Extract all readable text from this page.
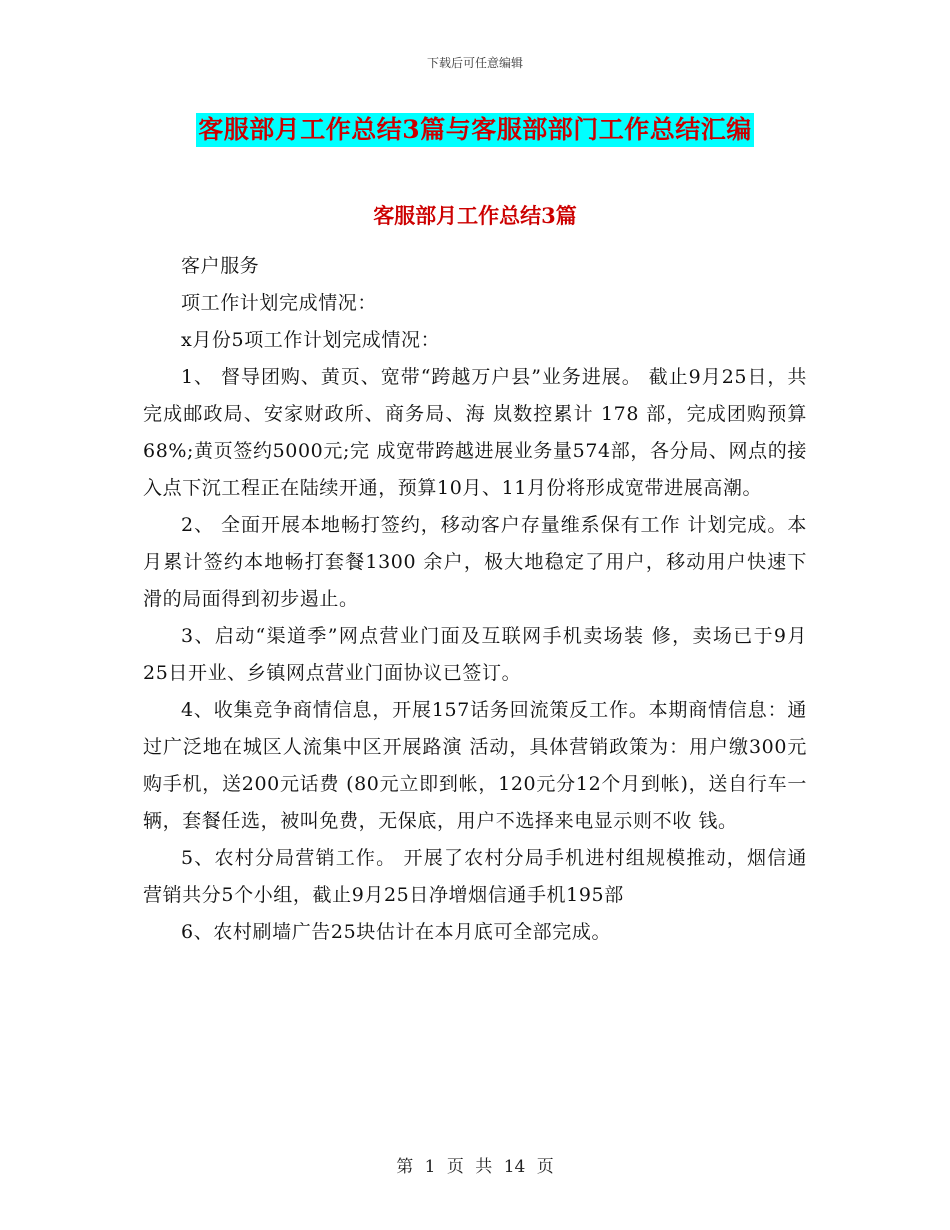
下载后可任意编辑
客服部月工作总结3篇与客服部部门工作总结汇编
客服部月工作总结3篇

客户服务

项工作计划完成情况：

x月份5项工作计划完成情况：

1、 督导团购、黄页、宽带“跨越万户县”业务进展。 截止9月25日，共完成邮政局、安家财政所、商务局、海 岚数控累计 178 部，完成团购预算 68%;黄页签约5000元;完 成宽带跨越进展业务量574部，各分局、网点的接入点下沉工程正在陆续开通，预算10月、11月份将形成宽带进展高潮。

2、 全面开展本地畅打签约，移动客户存量维系保有工作 计划完成。本月累计签约本地畅打套餐1300 余户，极大地稳定了用户，移动用户快速下滑的局面得到初步遏止。

3、启动“渠道季”网点营业门面及互联网手机卖场装 修，卖场已于9月25日开业、乡镇网点营业门面协议已签订。

4、收集竞争商情信息，开展157话务回流策反工作。本期商情信息：通过广泛地在城区人流集中区开展路演 活动，具体营销政策为：用户缴300元购手机，送200元话费 (80元立即到帐，120元分12个月到帐)，送自行车一辆，套餐任选，被叫免费，无保底，用户不选择来电显示则不收 钱。

5、农村分局营销工作。 开展了农村分局手机进村组规模推动，烟信通营销共分5个小组，截止9月25日净增烟信通手机195部

6、农村刷墙广告25块估计在本月底可全部完成。

第 1 页 共 14 页
